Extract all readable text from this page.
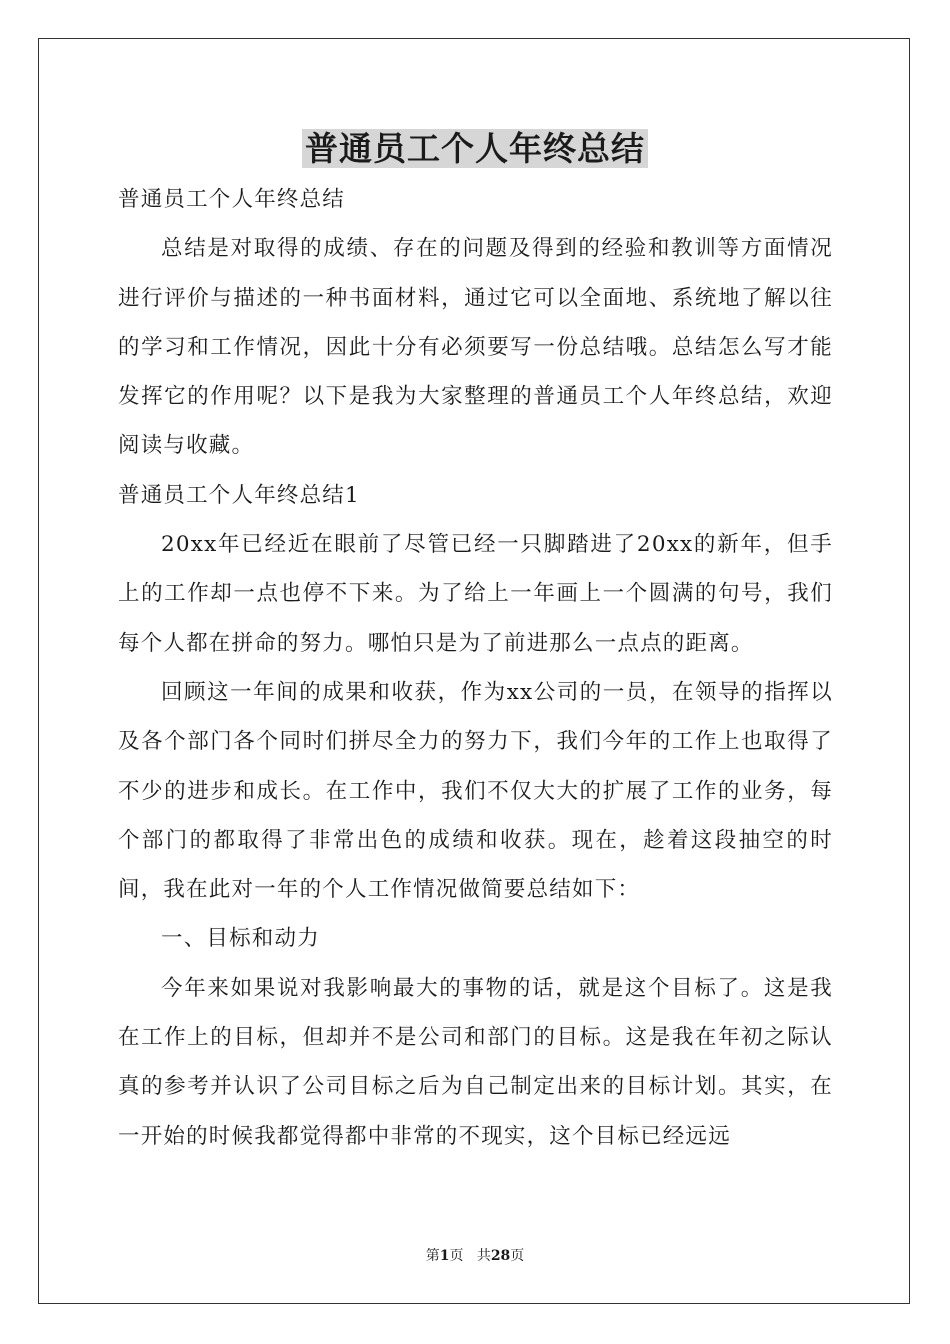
普通员工个人年终总结

普通员工个人年终总结

总结是对取得的成绩、存在的问题及得到的经验和教训等方面情况进行评价与描述的一种书面材料，通过它可以全面地、系统地了解以往的学习和工作情况，因此十分有必须要写一份总结哦。总结怎么写才能发挥它的作用呢？以下是我为大家整理的普通员工个人年终总结，欢迎阅读与收藏。

普通员工个人年终总结1

20xx年已经近在眼前了尽管已经一只脚踏进了20xx的新年，但手上的工作却一点也停不下来。为了给上一年画上一个圆满的句号，我们每个人都在拼命的努力。哪怕只是为了前进那么一点点的距离。

回顾这一年间的成果和收获，作为xx公司的一员，在领导的指挥以及各个部门各个同时们拼尽全力的努力下，我们今年的工作上也取得了不少的进步和成长。在工作中，我们不仅大大的扩展了工作的业务，每个部门的都取得了非常出色的成绩和收获。现在，趁着这段抽空的时间，我在此对一年的个人工作情况做简要总结如下：

一、目标和动力

今年来如果说对我影响最大的事物的话，就是这个目标了。这是我在工作上的目标，但却并不是公司和部门的目标。这是我在年初之际认真的参考并认识了公司目标之后为自己制定出来的目标计划。其实，在一开始的时候我都觉得都中非常的不现实，这个目标已经远远

第1页 共28页
